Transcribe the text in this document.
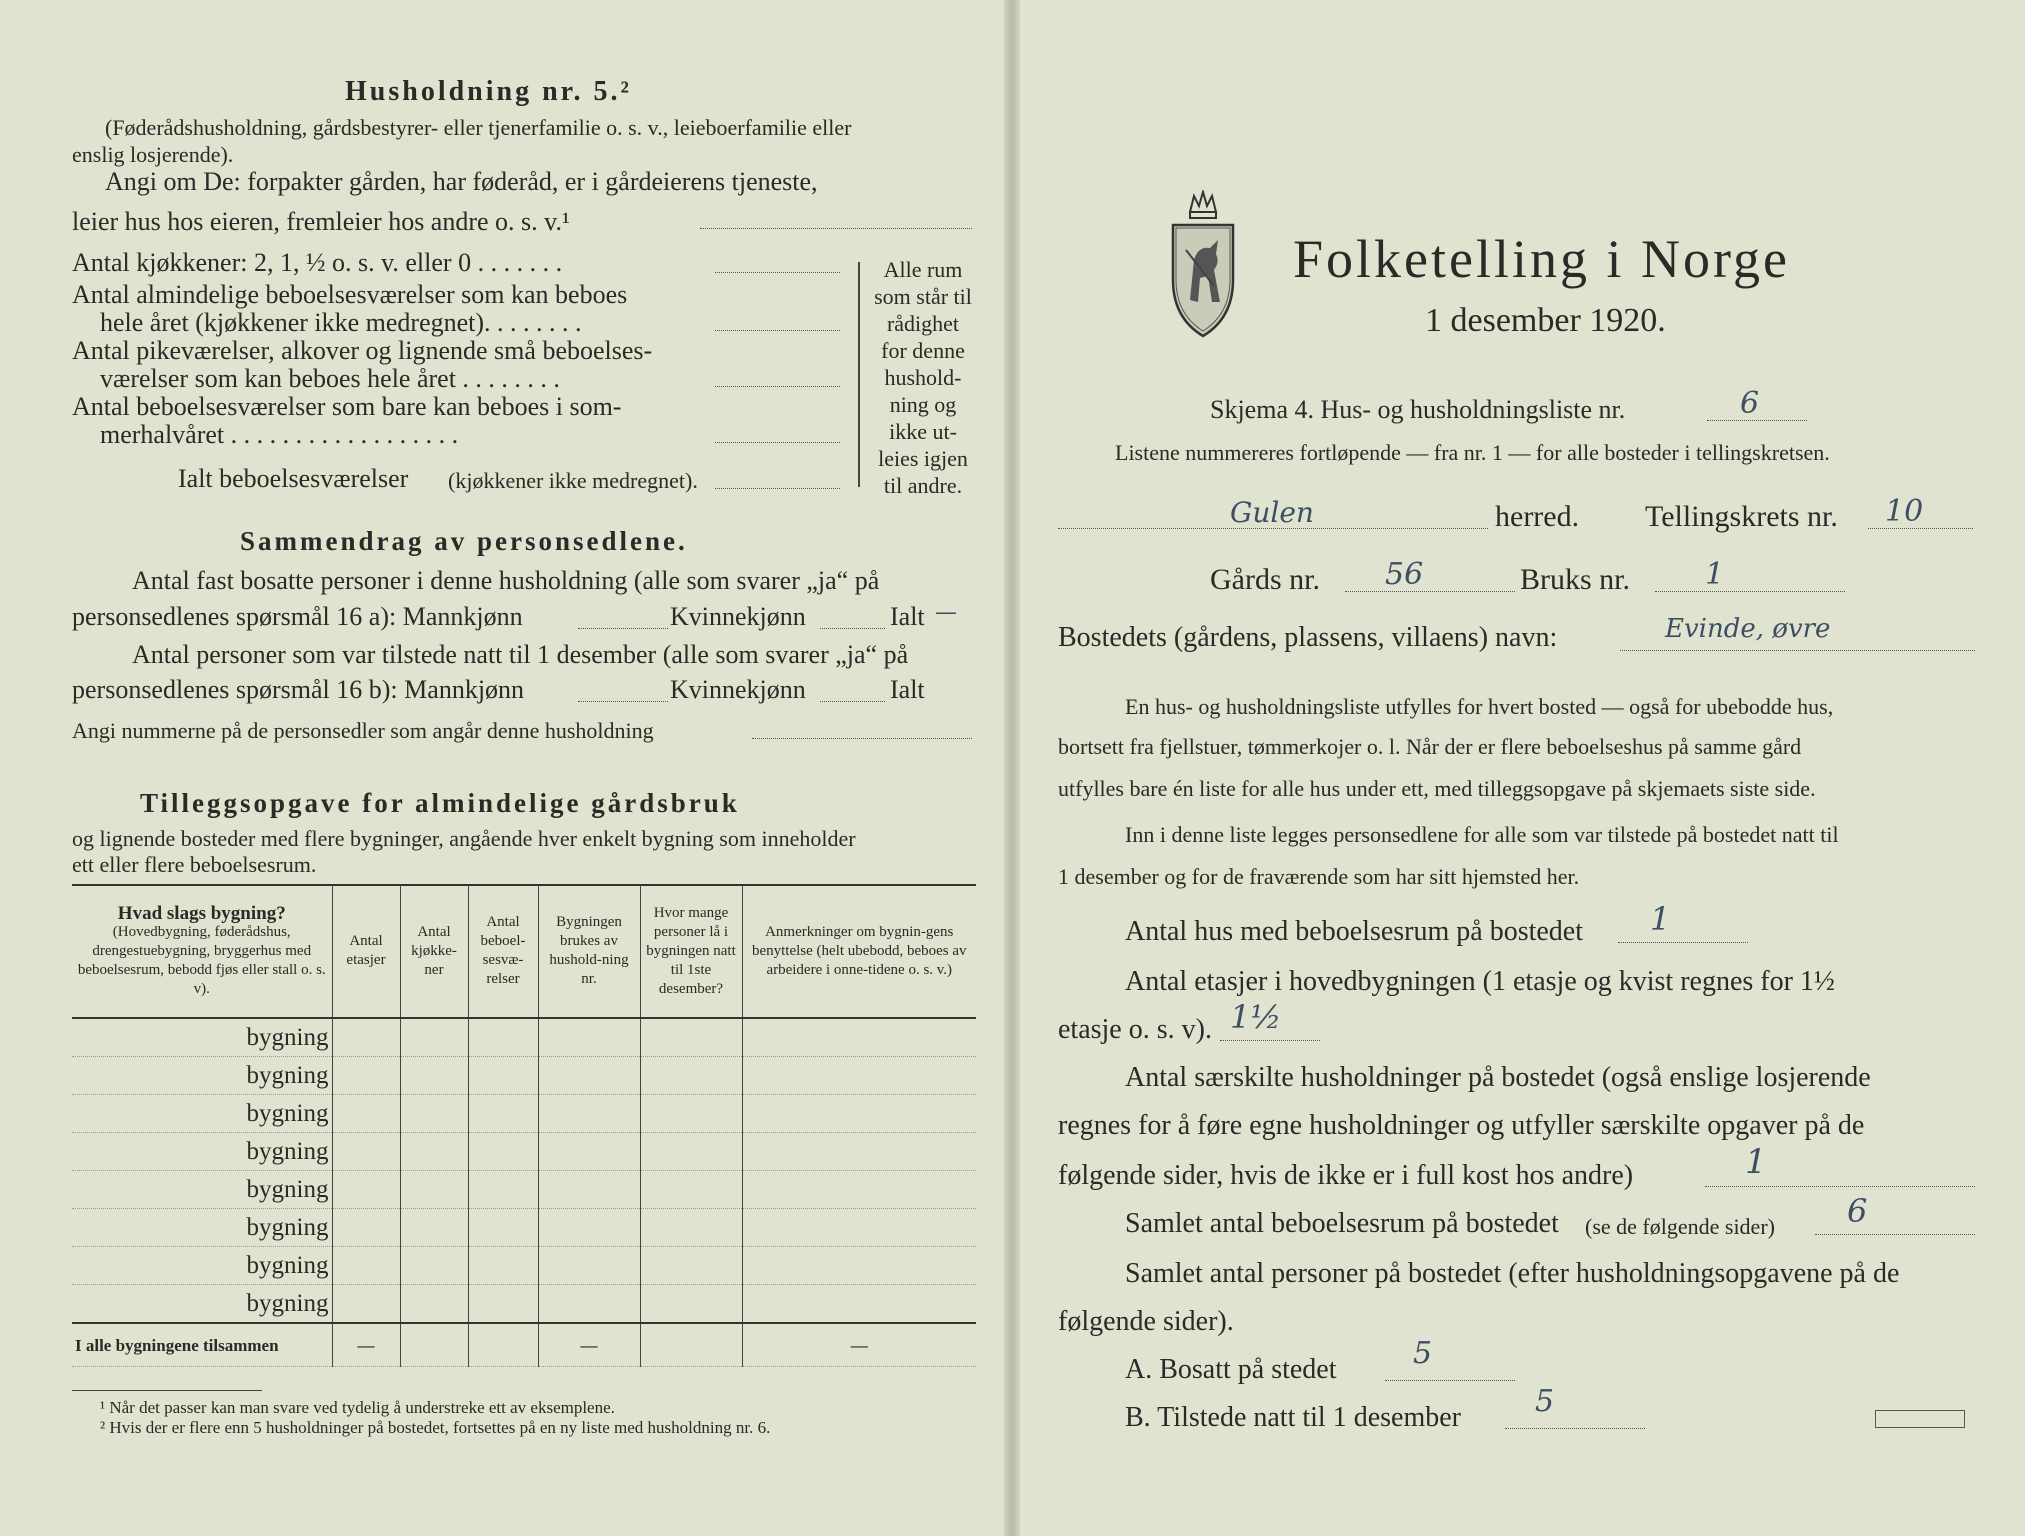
Husholdning nr. 5.²
(Føderådshusholdning, gårdsbestyrer- eller tjenerfamilie o. s. v., leieboerfamilie eller
enslig losjerende).
Angi om De: forpakter gården, har føderåd, er i gårdeierens tjeneste,
leier hus hos eieren, fremleier hos andre o. s. v.¹
Antal kjøkkener: 2, 1, ½ o. s. v. eller 0 . . . . . . .
Antal almindelige beboelsesværelser som kan beboes
hele året (kjøkkener ikke medregnet). . . . . . . .
Antal pikeværelser, alkover og lignende små beboelses-
værelser som kan beboes hele året . . . . . . . .
Antal beboelsesværelser som bare kan beboes i som-
merhalvåret . . . . . . . . . . . . . . . . . .
Ialt beboelsesværelser (kjøkkener ikke medregnet).
Alle rum
som står til
rådighet
for denne
hushold-
ning og
ikke ut-
leies igjen
til andre.
Sammendrag av personsedlene.
Antal fast bosatte personer i denne husholdning (alle som svarer „ja“ på
personsedlenes spørsmål 16 a): Mannkjønn	Kvinnekjønn	Ialt —
Antal personer som var tilstede natt til 1 desember (alle som svarer „ja“ på
personsedlenes spørsmål 16 b): Mannkjønn	Kvinnekjønn	Ialt
Angi nummerne på de personsedler som angår denne husholdning
Tilleggsopgave for almindelige gårdsbruk
og lignende bosteder med flere bygninger, angående hver enkelt bygning som inneholder
ett eller flere beboelsesrum.
Hvad slags bygning?
(Hovedbygning, føderådshus, drengestuebygning, bryggerhus med beboelsesrum, bebodd fjøs eller stall o. s. v).	Antal etasjer	Antal kjøkke-ner	Antal beboel-sesvæ-relser	Bygningen brukes av hushold-ning nr.	Hvor mange personer lå i bygningen natt til 1ste desember?	Anmerkninger om bygnin-gens benyttelse (helt ubebodd, beboes av arbeidere i onne-tidene o. s. v.)
bygning						
bygning						
bygning						
bygning						
bygning						
bygning						
bygning						
bygning						
I alle bygningene tilsammen	—			—		—
¹ Når det passer kan man svare ved tydelig å understreke ett av eksemplene.
² Hvis der er flere enn 5 husholdninger på bostedet, fortsettes på en ny liste med husholdning nr. 6.
Folketelling i Norge
1 desember 1920.
Skjema 4. Hus- og husholdningsliste nr.	6
Listene nummereres fortløpende — fra nr. 1 — for alle bosteder i tellingskretsen.
Gulen	herred. Tellingskrets nr. 10
Gårds nr. 56	Bruks nr. 1
Bostedets (gårdens, plassens, villaens) navn:	Evinde, øvre
En hus- og husholdningsliste utfylles for hvert bosted — også for ubebodde hus,
bortsett fra fjellstuer, tømmerkojer o. l. Når der er flere beboelseshus på samme gård
utfylles bare én liste for alle hus under ett, med tilleggsopgave på skjemaets siste side.
Inn i denne liste legges personsedlene for alle som var tilstede på bostedet natt til
1 desember og for de fraværende som har sitt hjemsted her.
Antal hus med beboelsesrum på bostedet 1
Antal etasjer i hovedbygningen (1 etasje og kvist regnes for 1½
etasje o. s. v). 1½
Antal særskilte husholdninger på bostedet (også enslige losjerende
regnes for å føre egne husholdninger og utfyller særskilte opgaver på de
følgende sider, hvis de ikke er i full kost hos andre)	1
Samlet antal beboelsesrum på bostedet (se de følgende sider) 6
Samlet antal personer på bostedet (efter husholdningsopgavene på de
følgende sider).
A. Bosatt på stedet	5
B. Tilstede natt til 1 desember 5
